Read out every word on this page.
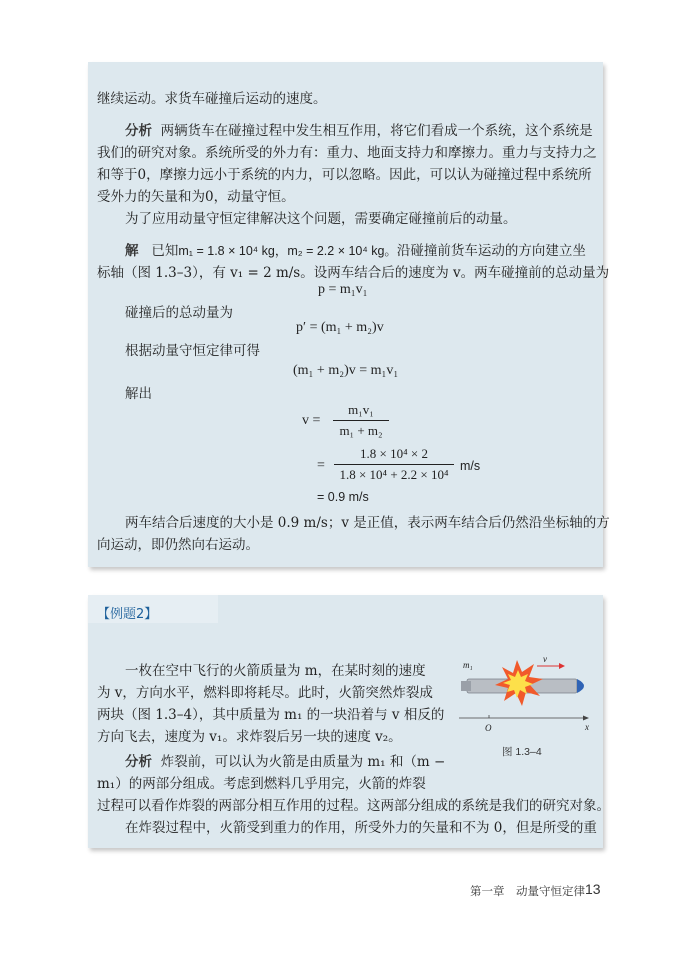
继续运动。求货车碰撞后运动的速度。
分析 两辆货车在碰撞过程中发生相互作用，将它们看成一个系统，这个系统是
我们的研究对象。系统所受的外力有：重力、地面支持力和摩擦力。重力与支持力之
和等于0，摩擦力远小于系统的内力，可以忽略。因此，可以认为碰撞过程中系统所
受外力的矢量和为0，动量守恒。
为了应用动量守恒定律解决这个问题，需要确定碰撞前后的动量。
解 已知m₁ = 1.8 × 10⁴ kg，m₂ = 2.2 × 10⁴ kg。沿碰撞前货车运动的方向建立坐
标轴（图 1.3–3），有 v₁ = 2 m/s。设两车结合后的速度为 v。两车碰撞前的总动量为
p = m₁v₁
碰撞后的总动量为
p′ = (m₁ + m₂)v
根据动量守恒定律可得
(m₁ + m₂)v = m₁v₁
解出
$v = \frac{\text{m₁v₁}}{\text{m₁ + m₂}}$
= $\frac{\text{1.8 × 10⁴ × 2}}{\text{1.8 × 10⁴ + 2.2 × 10⁴}} m/s$
= 0.9 m/s
两车结合后速度的大小是 0.9 m/s；v 是正值，表示两车结合后仍然沿坐标轴的方
向运动，即仍然向右运动。
【例题2】
一枚在空中飞行的火箭质量为 m，在某时刻的速度
为 v，方向水平，燃料即将耗尽。此时，火箭突然炸裂成
两块（图 1.3–4），其中质量为 m₁ 的一块沿着与 v 相反的
方向飞去，速度为 v₁。求炸裂后另一块的速度 v₂。
分析 炸裂前，可以认为火箭是由质量为 m₁ 和（m −
m₁）的两部分组成。考虑到燃料几乎用完，火箭的炸裂
过程可以看作炸裂的两部分相互作用的过程。这两部分组成的系统是我们的研究对象。
在炸裂过程中，火箭受到重力的作用，所受外力的矢量和不为 0，但是所受的重
m₁
v
x
O
图 1.3–4
第一章　动量守恒定律 13
